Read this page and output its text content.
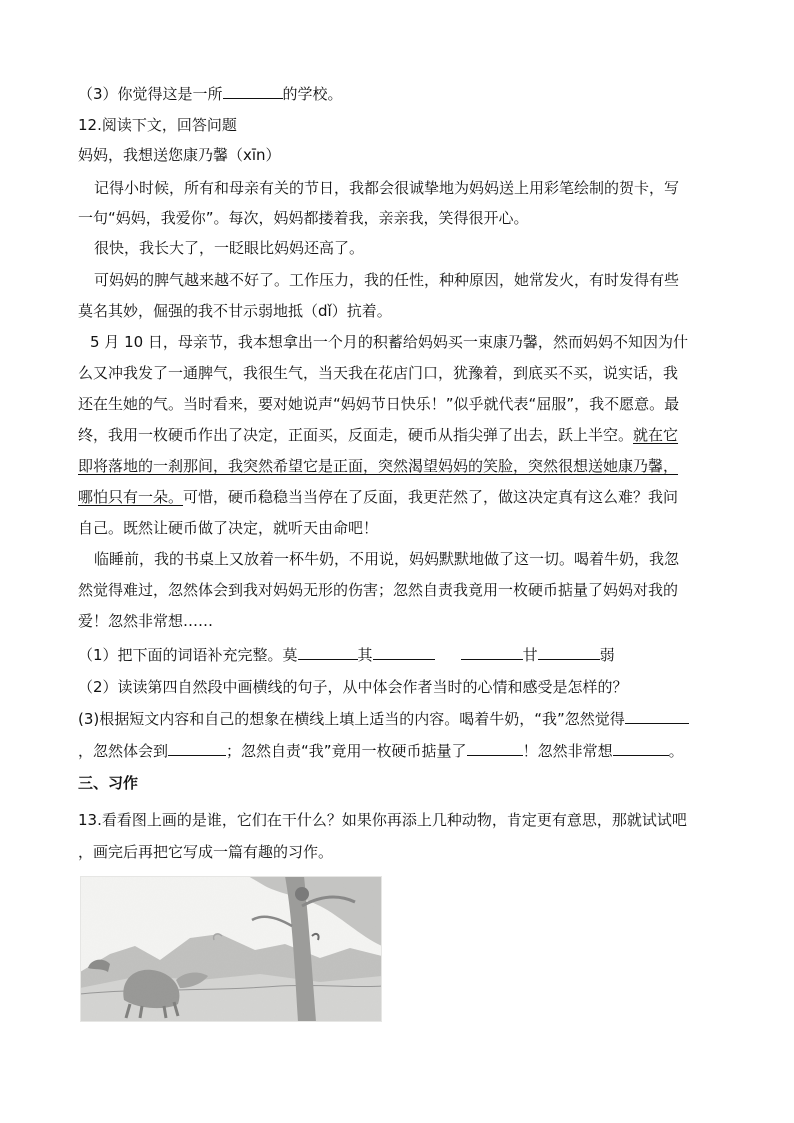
（3）你觉得这是一所	的学校。
12.阅读下文，回答问题
妈妈，我想送您康乃馨（xīn）
记得小时候，所有和母亲有关的节日，我都会很诚挚地为妈妈送上用彩笔绘制的贺卡，写
一句“妈妈，我爱你”。每次，妈妈都搂着我，亲亲我，笑得很开心。
很快，我长大了，一眨眼比妈妈还高了。
可妈妈的脾气越来越不好了。工作压力，我的任性，种种原因，她常发火，有时发得有些
莫名其妙，倔强的我不甘示弱地抵（dǐ）抗着。
5 月 10 日，母亲节，我本想拿出一个月的积蓄给妈妈买一束康乃馨，然而妈妈不知因为什
么又冲我发了一通脾气，我很生气，当天我在花店门口，犹豫着，到底买不买，说实话，我
还在生她的气。当时看来，要对她说声“妈妈节日快乐！”似乎就代表“屈服”，我不愿意。最
终，我用一枚硬币作出了决定，正面买，反面走，硬币从指尖弹了出去，跃上半空。就在它
即将落地的一刹那间，我突然希望它是正面，突然渴望妈妈的笑脸，突然很想送她康乃馨，
哪怕只有一朵。可惜，硬币稳稳当当停在了反面，我更茫然了，做这决定真有这么难？我问
自己。既然让硬币做了决定，就听天由命吧！
临睡前，我的书桌上又放着一杯牛奶，不用说，妈妈默默地做了这一切。喝着牛奶，我忽
然觉得难过，忽然体会到我对妈妈无形的伤害；忽然自责我竟用一枚硬币掂量了妈妈对我的
爱！忽然非常想……
（1）把下面的词语补充完整。莫	其	甘	弱
（2）读读第四自然段中画横线的句子，从中体会作者当时的心情和感受是怎样的？
(3)根据短文内容和自己的想象在横线上填上适当的内容。喝着牛奶，“我”忽然觉得
，忽然体会到	；忽然自责“我”竟用一枚硬币掂量了	！忽然非常想	。
三、习作
13.看看图上画的是谁，它们在干什么？如果你再添上几种动物，肯定更有意思，那就试试吧
，画完后再把它写成一篇有趣的习作。
